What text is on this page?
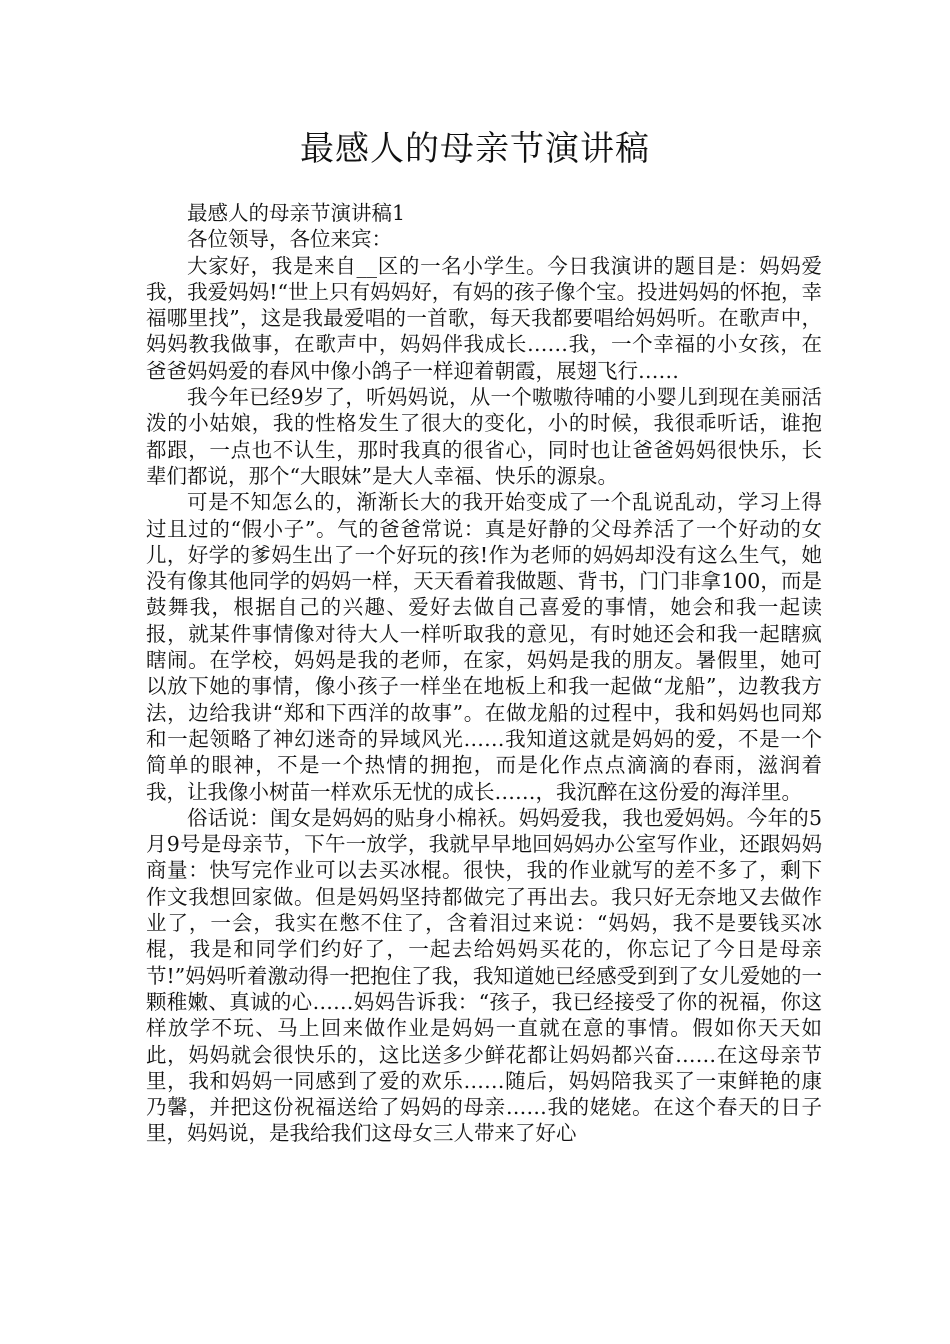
最感人的母亲节演讲稿

最感人的母亲节演讲稿1

各位领导，各位来宾：

大家好，我是来自__区的一名小学生。今日我演讲的题目是：妈妈爱我，我爱妈妈!“世上只有妈妈好，有妈的孩子像个宝。投进妈妈的怀抱，幸福哪里找”，这是我最爱唱的一首歌，每天我都要唱给妈妈听。在歌声中，妈妈教我做事，在歌声中，妈妈伴我成长……我，一个幸福的小女孩，在爸爸妈妈爱的春风中像小鸽子一样迎着朝霞，展翅飞行……

我今年已经9岁了，听妈妈说，从一个嗷嗷待哺的小婴儿到现在美丽活泼的小姑娘，我的性格发生了很大的变化，小的时候，我很乖听话，谁抱都跟，一点也不认生，那时我真的很省心，同时也让爸爸妈妈很快乐，长辈们都说，那个“大眼妹”是大人幸福、快乐的源泉。

可是不知怎么的，渐渐长大的我开始变成了一个乱说乱动，学习上得过且过的“假小子”。气的爸爸常说：真是好静的父母养活了一个好动的女儿，好学的爹妈生出了一个好玩的孩!作为老师的妈妈却没有这么生气，她没有像其他同学的妈妈一样，天天看着我做题、背书，门门非拿100，而是鼓舞我，根据自己的兴趣、爱好去做自己喜爱的事情，她会和我一起读报，就某件事情像对待大人一样听取我的意见，有时她还会和我一起瞎疯瞎闹。在学校，妈妈是我的老师，在家，妈妈是我的朋友。暑假里，她可以放下她的事情，像小孩子一样坐在地板上和我一起做“龙船”，边教我方法，边给我讲“郑和下西洋的故事”。在做龙船的过程中，我和妈妈也同郑和一起领略了神幻迷奇的异域风光……我知道这就是妈妈的爱，不是一个简单的眼神，不是一个热情的拥抱，而是化作点点滴滴的春雨，滋润着我，让我像小树苗一样欢乐无忧的成长……，我沉醉在这份爱的海洋里。

俗话说：闺女是妈妈的贴身小棉袄。妈妈爱我，我也爱妈妈。今年的5月9号是母亲节，下午一放学，我就早早地回妈妈办公室写作业，还跟妈妈商量：快写完作业可以去买冰棍。很快，我的作业就写的差不多了，剩下作文我想回家做。但是妈妈坚持都做完了再出去。我只好无奈地又去做作业了，一会，我实在憋不住了，含着泪过来说：“妈妈，我不是要钱买冰棍，我是和同学们约好了，一起去给妈妈买花的，你忘记了今日是母亲节!”妈妈听着激动得一把抱住了我，我知道她已经感受到到了女儿爱她的一颗稚嫩、真诚的心……妈妈告诉我：“孩子，我已经接受了你的祝福，你这样放学不玩、马上回来做作业是妈妈一直就在意的事情。假如你天天如此，妈妈就会很快乐的，这比送多少鲜花都让妈妈都兴奋……在这母亲节里，我和妈妈一同感到了爱的欢乐……随后，妈妈陪我买了一束鲜艳的康乃馨，并把这份祝福送给了妈妈的母亲……我的姥姥。在这个春天的日子里，妈妈说，是我给我们这母女三人带来了好心
